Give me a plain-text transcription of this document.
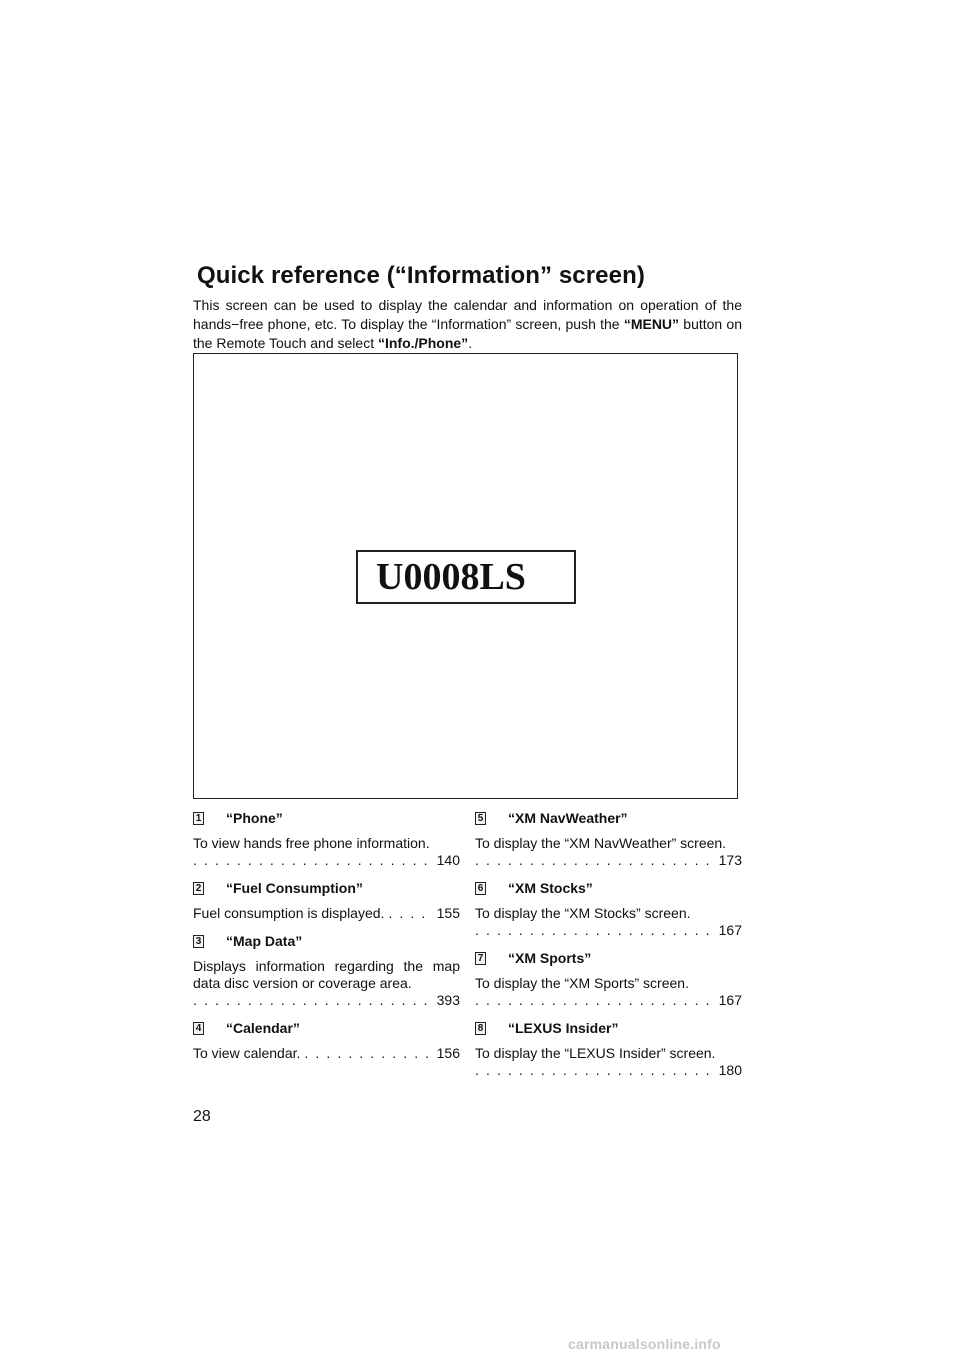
Quick reference (“Information” screen)

This screen can be used to display the calendar and information on operation of the hands−free phone, etc. To display the “Information” screen, push the “MENU” button on the Remote Touch and select “Info./Phone”.

U0008LS
1 “Phone”
To view hands free phone information.
. . .
140
2 “Fuel Consumption”
Fuel consumption is displayed. . . .	155
3 “Map Data”
Displays information regarding the map data disc version or coverage area.
. . .
393
4 “Calendar”
To view calendar. . . .	156
5 “XM NavWeather”
To display the “XM NavWeather” screen.
. . .
173
6 “XM Stocks”
To display the “XM Stocks” screen.
. . .
167
7 “XM Sports”
To display the “XM Sports” screen.
. . .
167
8 “LEXUS Insider”
To display the “LEXUS Insider” screen.
. . .
180
28
carmanualsonline.info
